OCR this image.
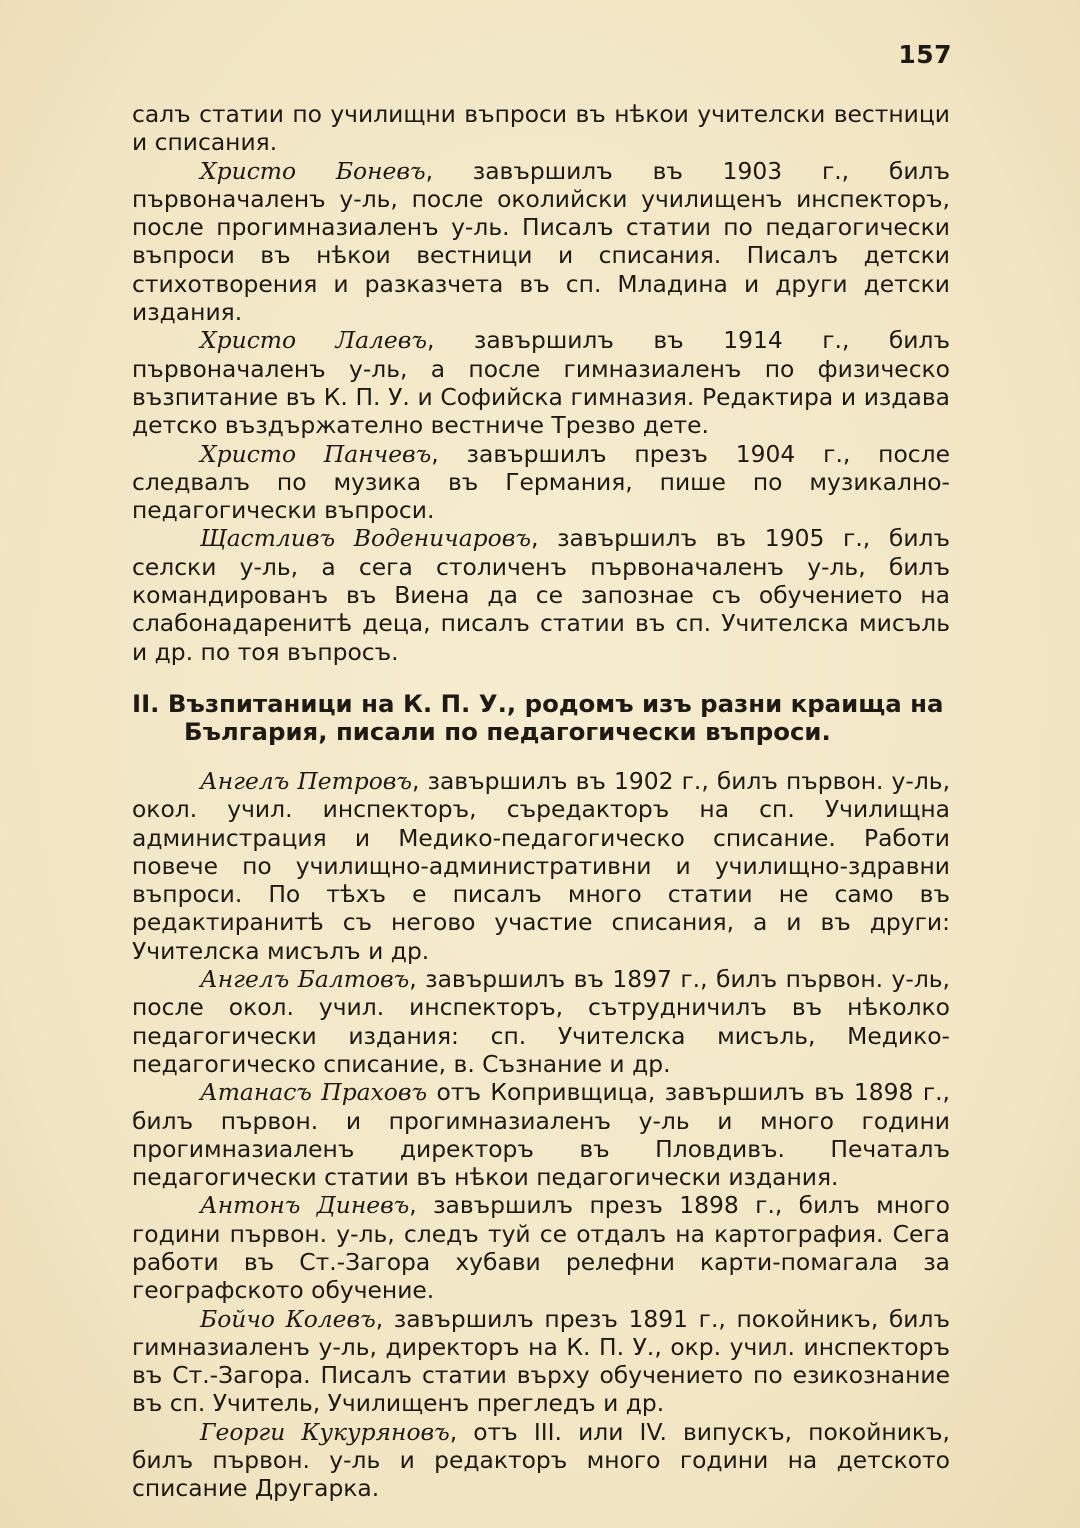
157

салъ статии по училищни въпроси въ нѣкои учителски вестници и списания.

Христо Боневъ, завършилъ въ 1903 г., билъ първоначаленъ у-ль, после околийски училищенъ инспекторъ, после прогимназиаленъ у-ль. Писалъ статии по педагогически въпроси въ нѣкои вестници и списания. Писалъ детски стихотворения и разказчета въ сп. Младина и други детски издания.

Христо Лалевъ, завършилъ въ 1914 г., билъ първоначаленъ у-ль, а после гимназиаленъ по физическо възпитание въ К. П. У. и Софийска гимназия. Редактира и издава детско въздържателно вестниче Трезво дете.

Христо Панчевъ, завършилъ презъ 1904 г., после следвалъ по музика въ Германия, пише по музикално-педагогически въпроси.

Щастливъ Воденичаровъ, завършилъ въ 1905 г., билъ селски у-ль, а сега столиченъ първоначаленъ у-ль, билъ командированъ въ Виена да се запознае съ обучението на слабонадаренитѣ деца, писалъ статии въ сп. Учителска мисъль и др. по тоя въпросъ.

II. Възпитаници на К. П. У., родомъ изъ разни краища на България, писали по педагогически въпроси.

Ангелъ Петровъ, завършилъ въ 1902 г., билъ първон. у-ль, окол. учил. инспекторъ, съредакторъ на сп. Училищна администрация и Медико-педагогическо списание. Работи повече по училищно-административни и училищно-здравни въпроси. По тѣхъ е писалъ много статии не само въ редактиранитѣ съ негово участие списания, а и въ други: Учителска мисълъ и др.

Ангелъ Балтовъ, завършилъ въ 1897 г., билъ първон. у-ль, после окол. учил. инспекторъ, сътрудничилъ въ нѣколко педагогически издания: сп. Учителска мисъль, Медико-педагогическо списание, в. Съзнание и др.

Атанасъ Праховъ отъ Копривщица, завършилъ въ 1898 г., билъ първон. и прогимназиаленъ у-ль и много години прогимназиаленъ директоръ въ Пловдивъ. Печаталъ педагогически статии въ нѣкои педагогически издания.

Антонъ Диневъ, завършилъ презъ 1898 г., билъ много години първон. у-ль, следъ туй се отдалъ на картография. Сега работи въ Ст.-Загора хубави релефни карти-помагала за географското обучение.

Бойчо Колевъ, завършилъ презъ 1891 г., покойникъ, билъ гимназиаленъ у-ль, директоръ на К. П. У., окр. учил. инспекторъ въ Ст.-Загора. Писалъ статии върху обучението по езикознание въ сп. Учитель, Училищенъ прегледъ и др.

Георги Кукуряновъ, отъ III. или IV. випускъ, покойникъ, билъ първон. у-ль и редакторъ много години на детското списание Другарка.
